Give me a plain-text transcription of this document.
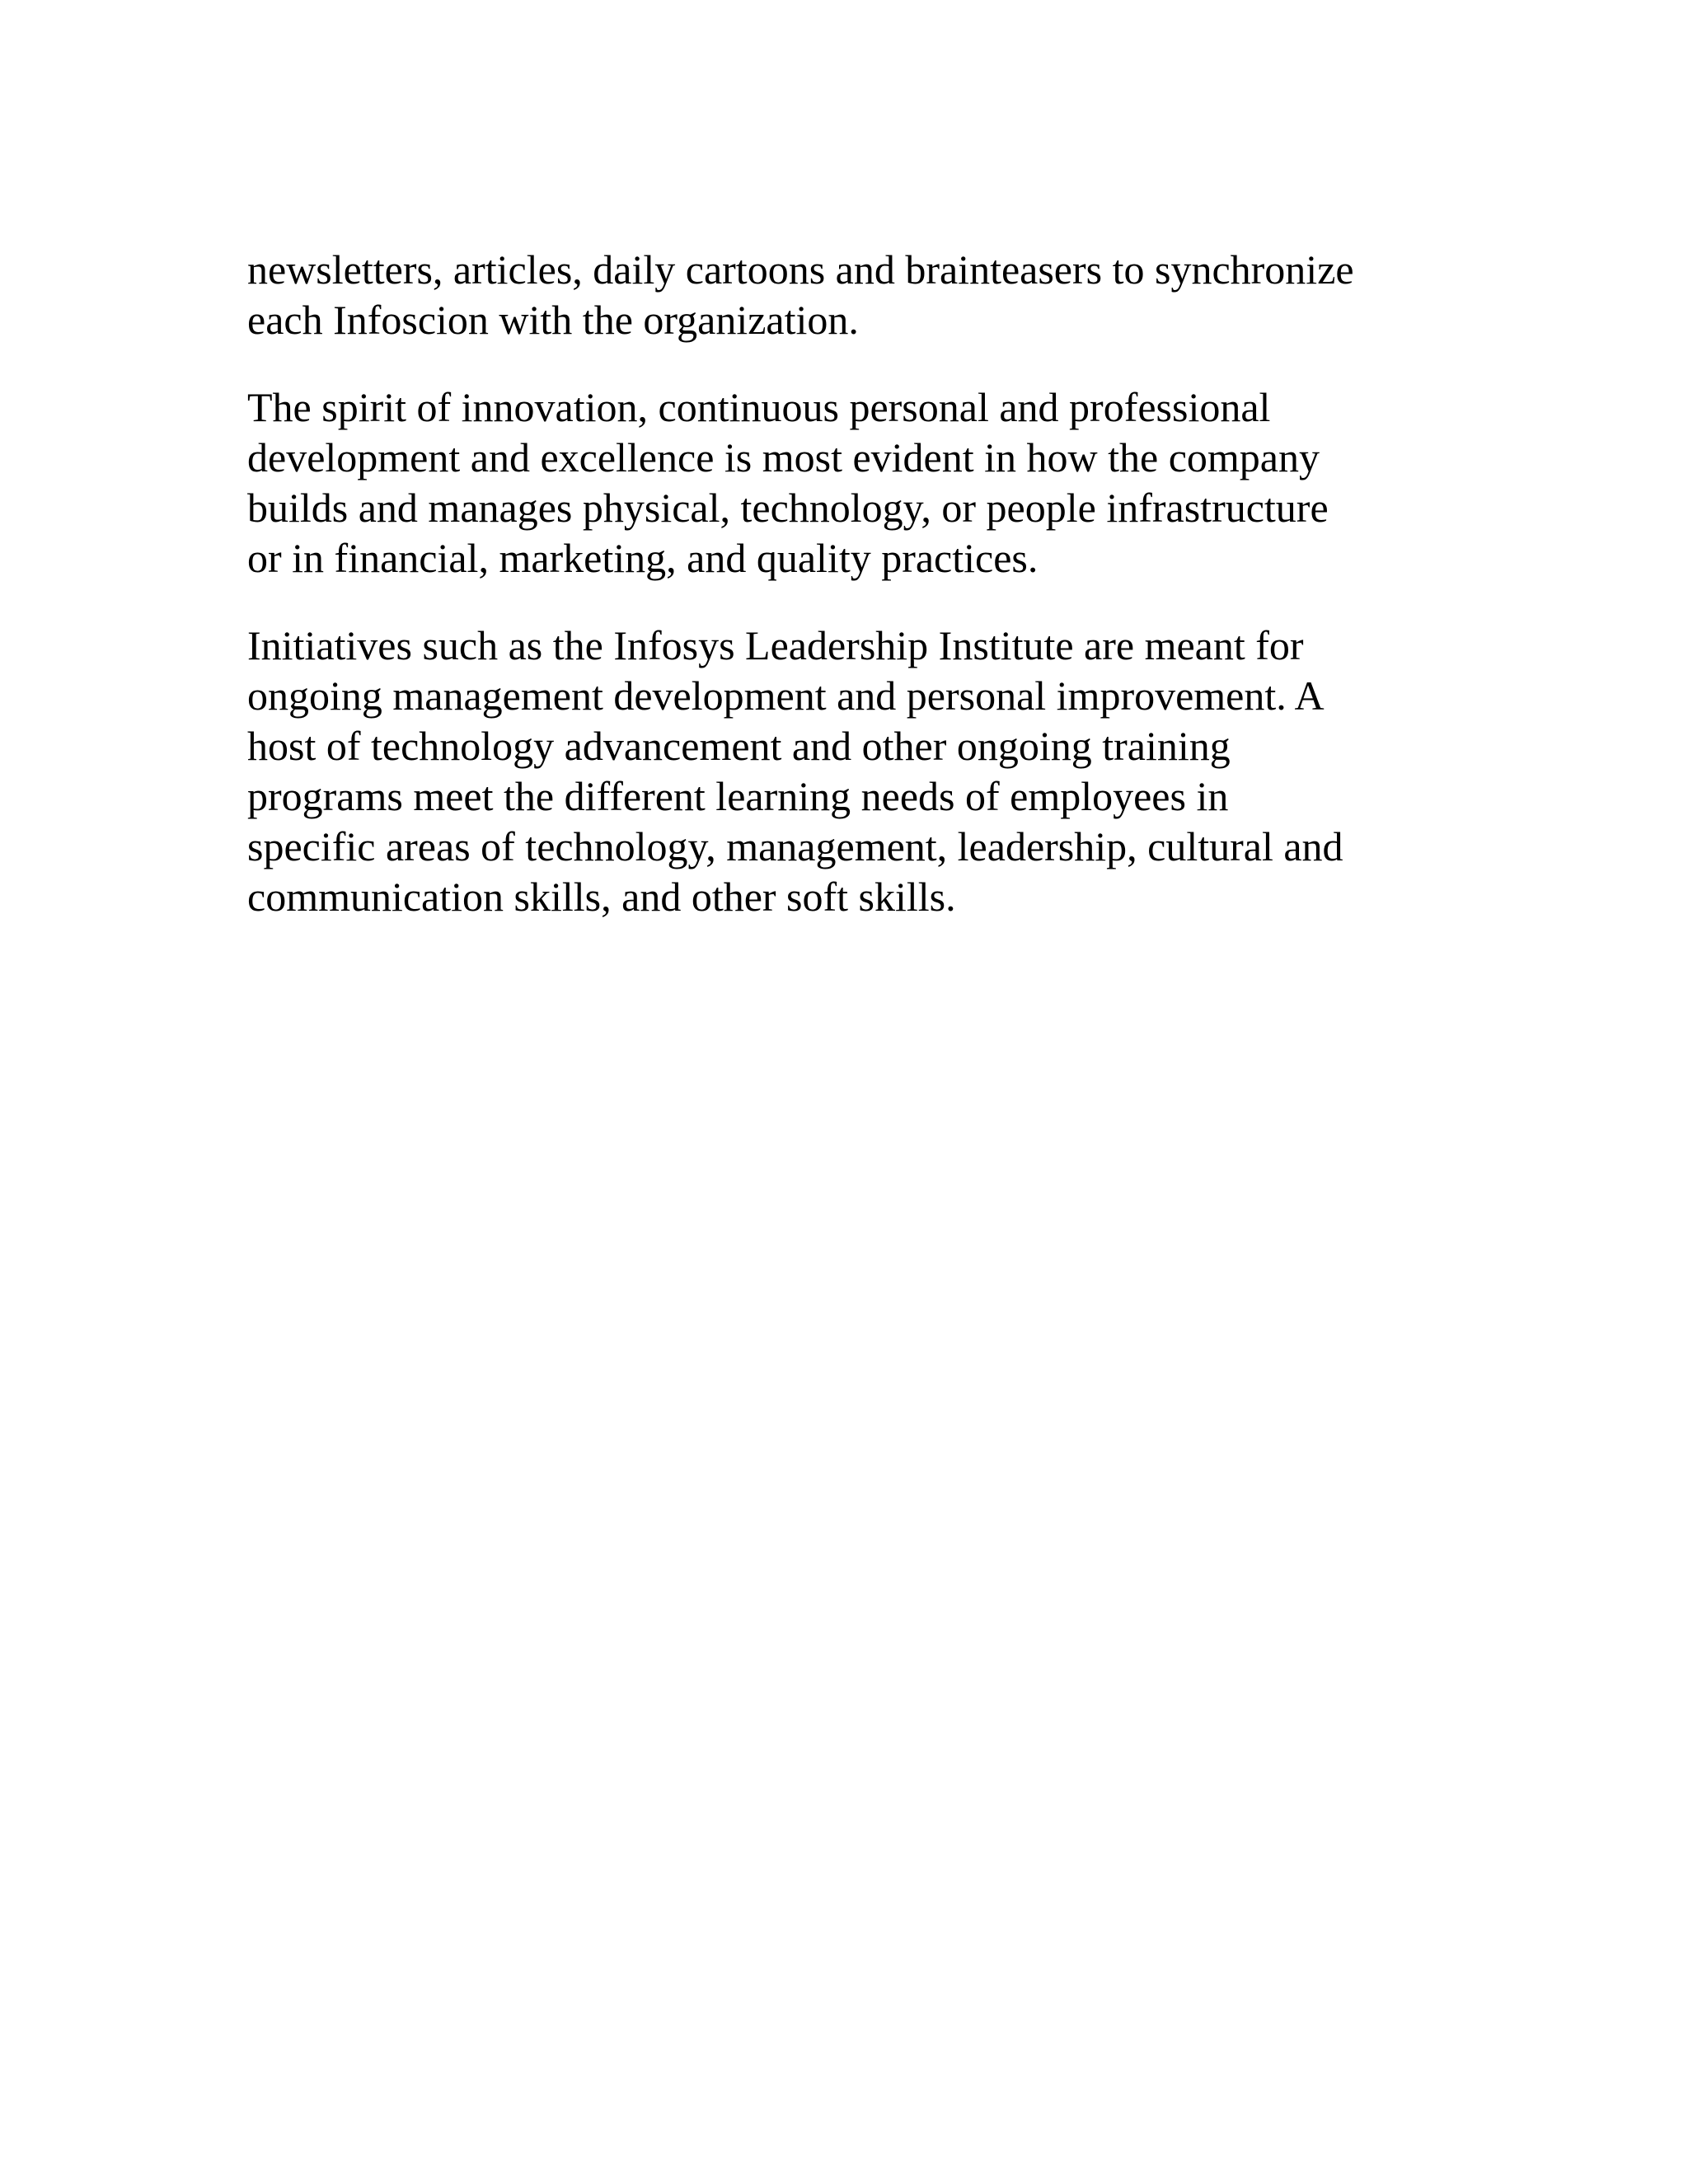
newsletters, articles, daily cartoons and brainteasers to synchronize
each Infoscion with the organization.

The spirit of innovation, continuous personal and professional
development and excellence is most evident in how the company
builds and manages physical, technology, or people infrastructure
or in financial, marketing, and quality practices.

Initiatives such as the Infosys Leadership Institute are meant for
ongoing management development and personal improvement. A
host of technology advancement and other ongoing training
programs meet the different learning needs of employees in
specific areas of technology, management, leadership, cultural and
communication skills, and other soft skills.
